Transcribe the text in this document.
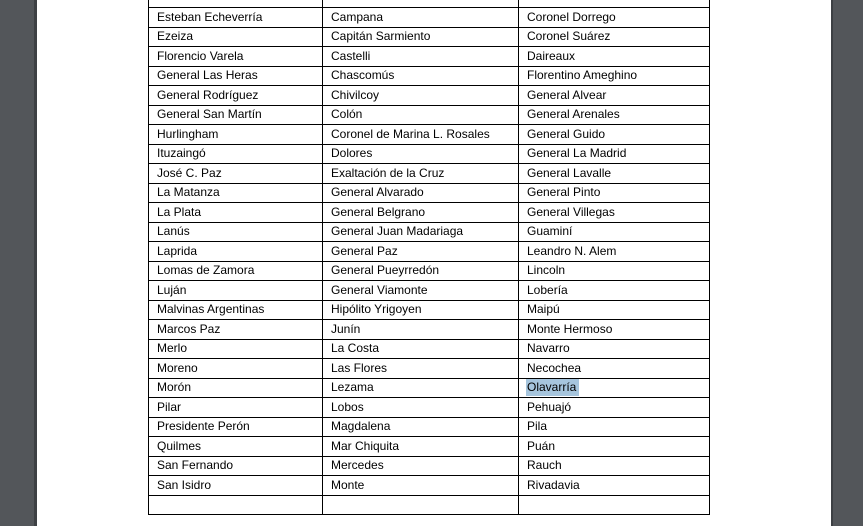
Esteban Echeverría	Campana	Coronel Dorrego
Ezeiza	Capitán Sarmiento	Coronel Suárez
Florencio Varela	Castelli	Daireaux
General Las Heras	Chascomús	Florentino Ameghino
General Rodríguez	Chivilcoy	General Alvear
General San Martín	Colón	General Arenales
Hurlingham	Coronel de Marina L. Rosales	General Guido
Ituzaingó	Dolores	General La Madrid
José C. Paz	Exaltación de la Cruz	General Lavalle
La Matanza	General Alvarado	General Pinto
La Plata	General Belgrano	General Villegas
Lanús	General Juan Madariaga	Guaminí
Laprida	General Paz	Leandro N. Alem
Lomas de Zamora	General Pueyrredón	Lincoln
Luján	General Viamonte	Lobería
Malvinas Argentinas	Hipólito Yrigoyen	Maipú
Marcos Paz	Junín	Monte Hermoso
Merlo	La Costa	Navarro
Moreno	Las Flores	Necochea
Morón	Lezama	Olavarría
Pilar	Lobos	Pehuajó
Presidente Perón	Magdalena	Pila
Quilmes	Mar Chiquita	Puán
San Fernando	Mercedes	Rauch
San Isidro	Monte	Rivadavia
